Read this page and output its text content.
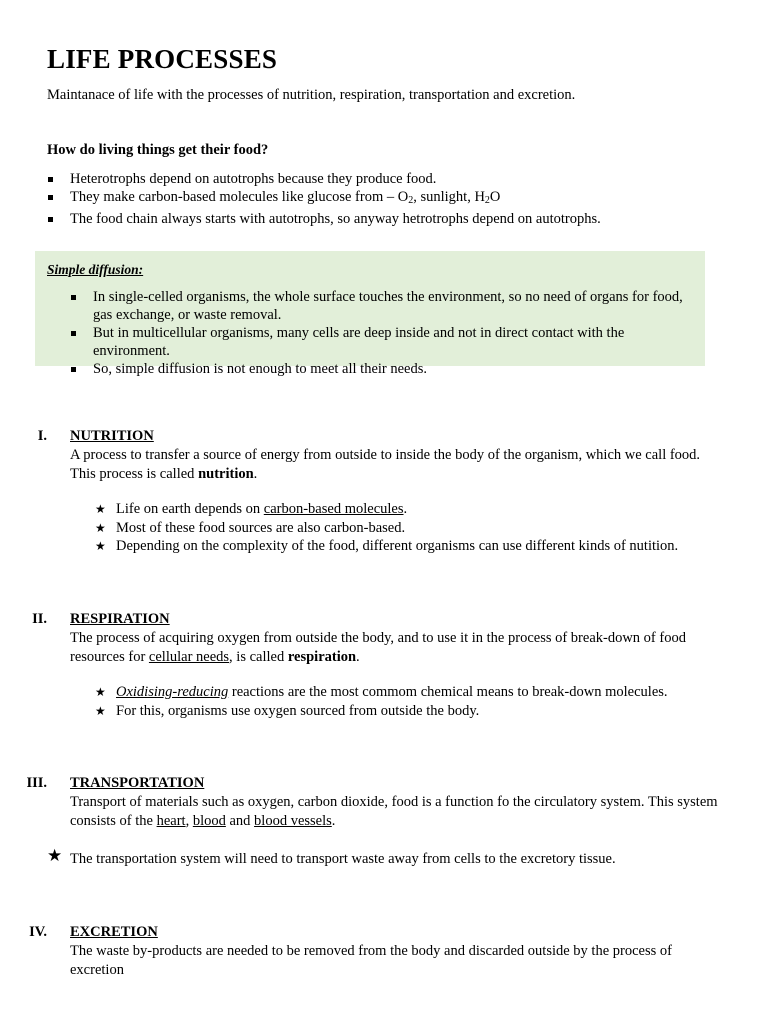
LIFE PROCESSES
Maintanace of life with the processes of nutrition, respiration, transportation and excretion.
How do living things get their food?
Heterotrophs depend on autotrophs because they produce food.
They make carbon-based molecules like glucose from – $O_2$, sunlight, $H_2O$
The food chain always starts with autotrophs, so anyway hetrotrophs depend on autotrophs.
Simple diffusion:
In single-celled organisms, the whole surface touches the environment, so no need of organs for food, gas exchange, or waste removal.
But in multicellular organisms, many cells are deep inside and not in direct contact with the environment.
So, simple diffusion is not enough to meet all their needs.
I. NUTRITION
A process to transfer a source of energy from outside to inside the body of the organism, which we call food. This process is called nutrition.
★ Life on earth depends on carbon-based molecules.
★ Most of these food sources are also carbon-based.
★ Depending on the complexity of the food, different organisms can use different kinds of nutition.
II. RESPIRATION
The process of acquiring oxygen from outside the body, and to use it in the process of break-down of food resources for cellular needs, is called respiration.
★ Oxidising-reducing reactions are the most commom chemical means to break-down molecules.
★ For this, organisms use oxygen sourced from outside the body.
III. TRANSPORTATION
Transport of materials such as oxygen, carbon dioxide, food is a function fo the circulatory system. This system consists of the heart, blood and blood vessels.
★ The transportation system will need to transport waste away from cells to the excretory tissue.
IV. EXCRETION
The waste by-products are needed to be removed from the body and discarded outside by the process of excretion
